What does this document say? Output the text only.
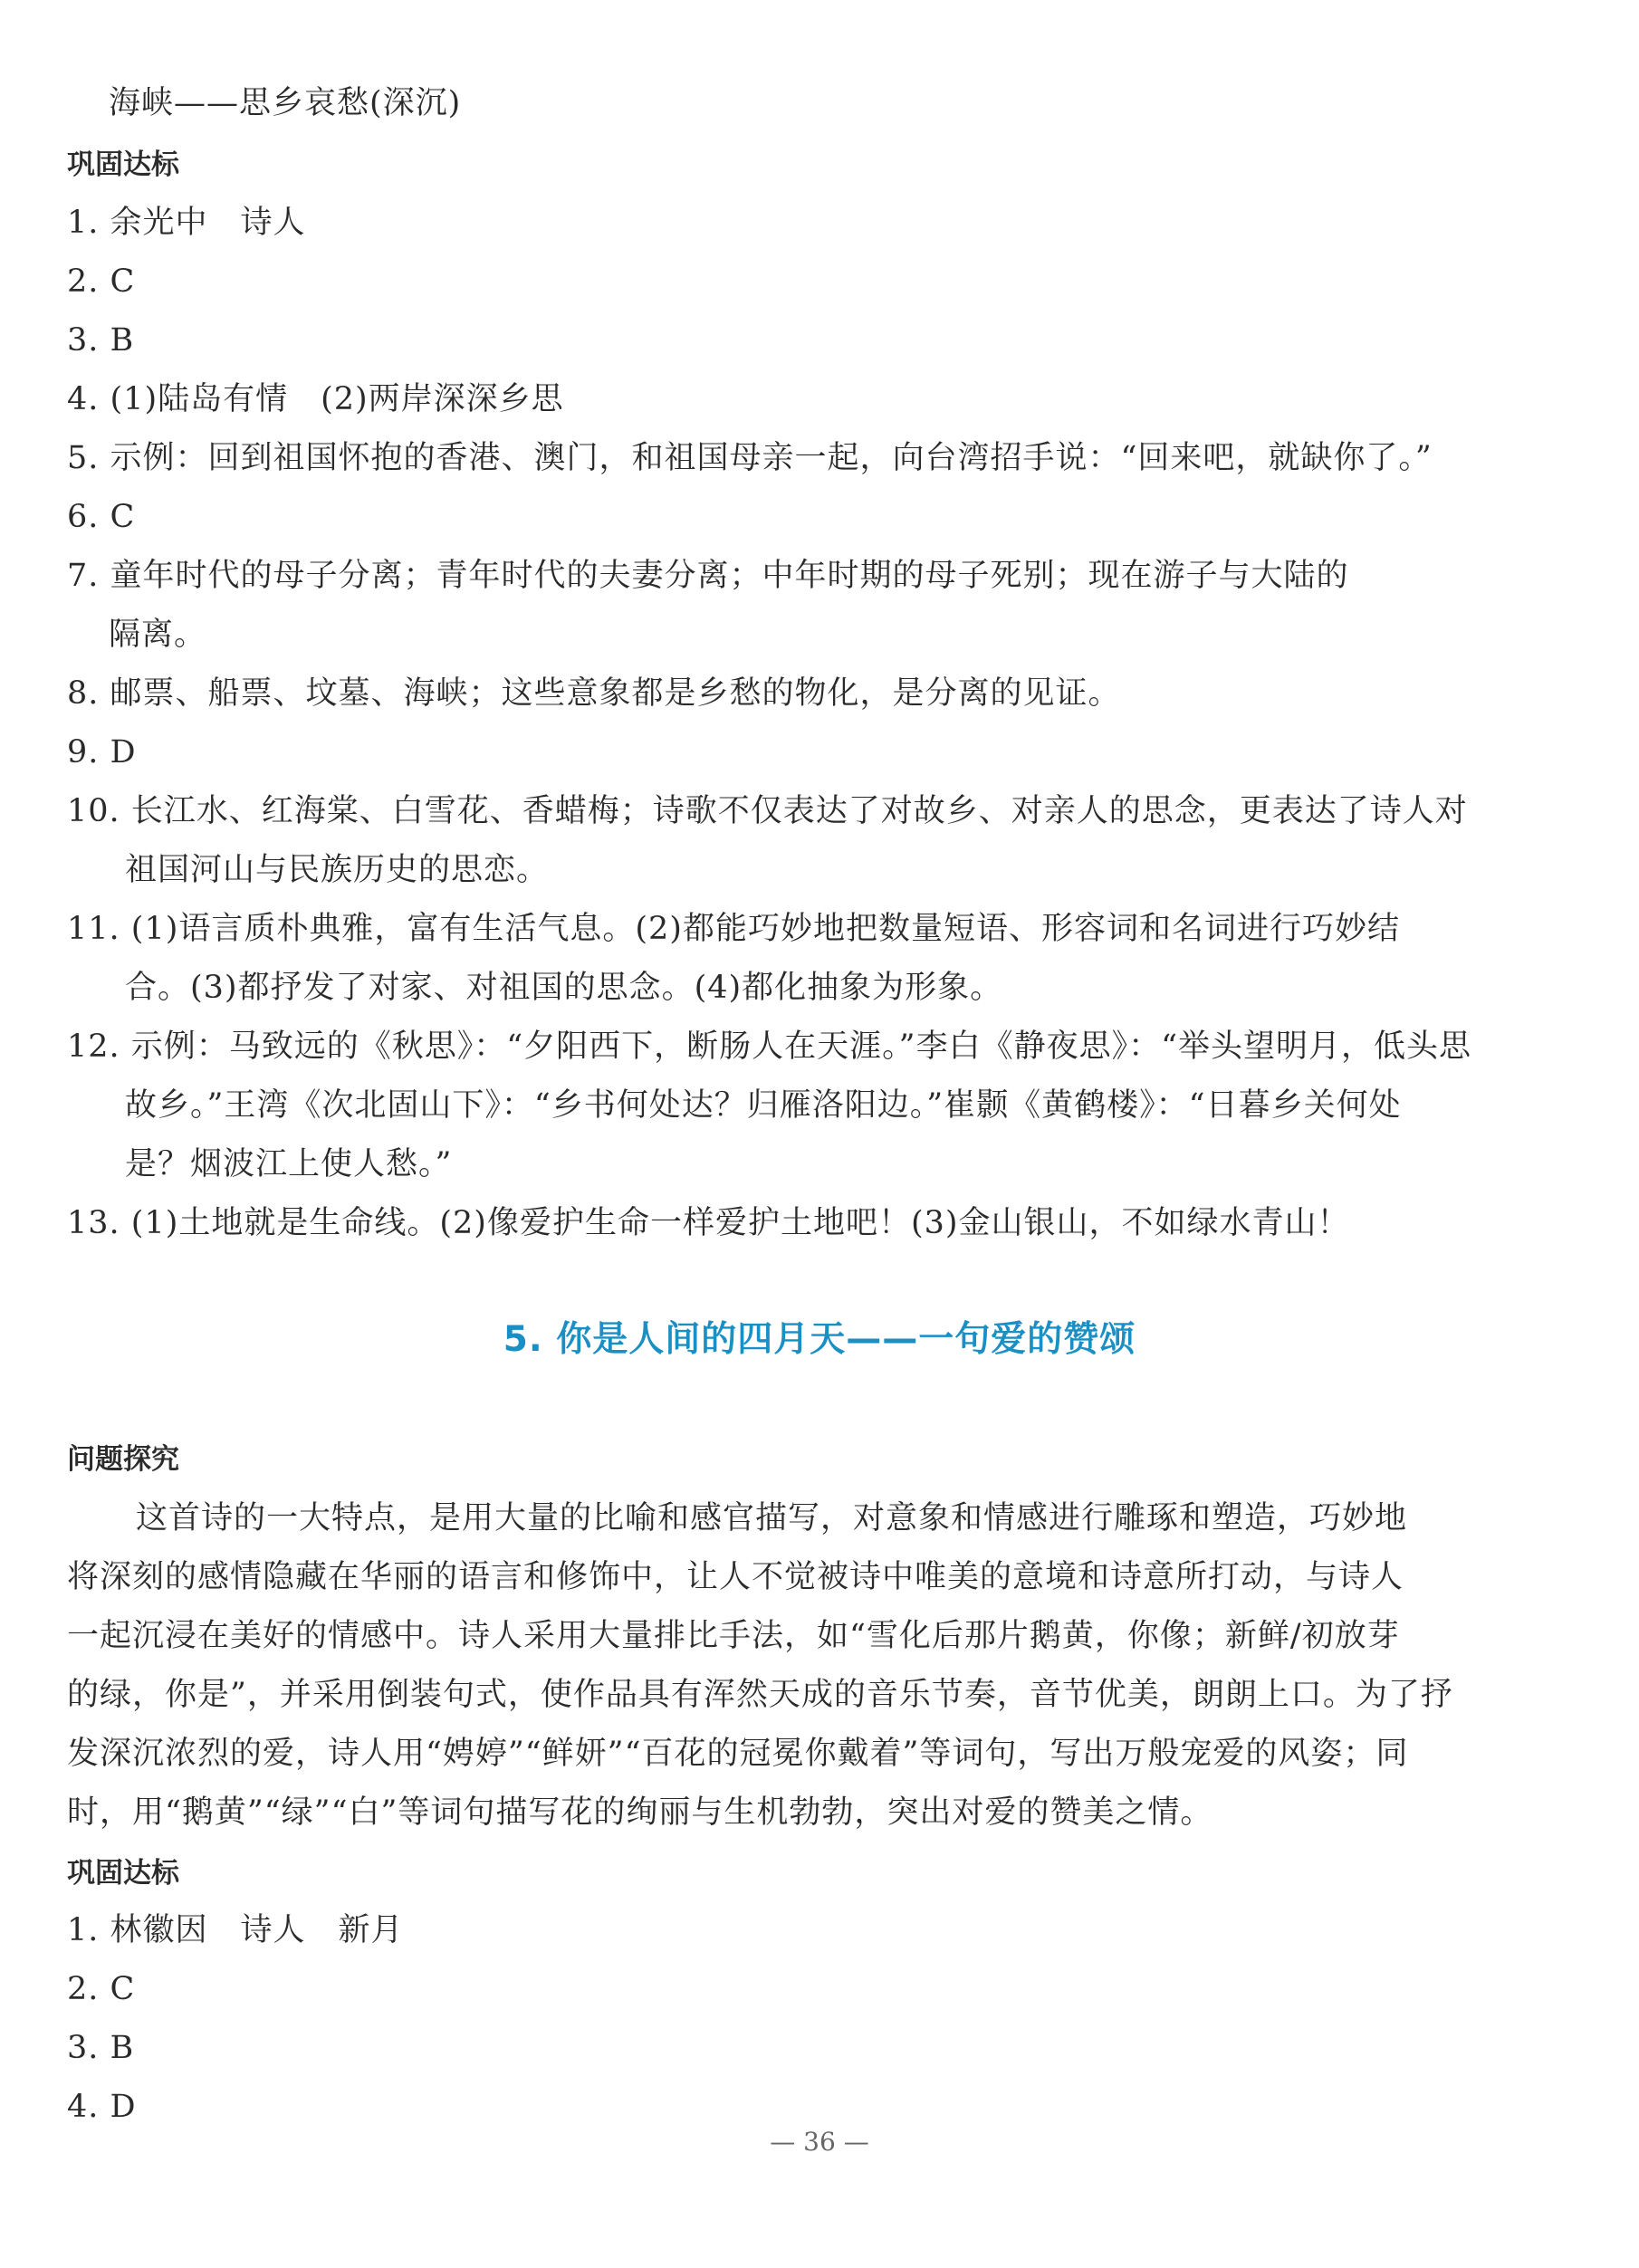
海峡——思乡哀愁(深沉)
巩固达标
1. 余光中　诗人
2. C
3. B
4. (1)陆岛有情　(2)两岸深深乡思
5. 示例：回到祖国怀抱的香港、澳门，和祖国母亲一起，向台湾招手说：“回来吧，就缺你了。”
6. C
7. 童年时代的母子分离；青年时代的夫妻分离；中年时期的母子死别；现在游子与大陆的
隔离。
8. 邮票、船票、坟墓、海峡；这些意象都是乡愁的物化，是分离的见证。
9. D
10. 长江水、红海棠、白雪花、香蜡梅；诗歌不仅表达了对故乡、对亲人的思念，更表达了诗人对
祖国河山与民族历史的思恋。
11. (1)语言质朴典雅，富有生活气息。(2)都能巧妙地把数量短语、形容词和名词进行巧妙结
合。(3)都抒发了对家、对祖国的思念。(4)都化抽象为形象。
12. 示例：马致远的《秋思》：“夕阳西下，断肠人在天涯。”李白《静夜思》：“举头望明月，低头思
故乡。”王湾《次北固山下》：“乡书何处达？归雁洛阳边。”崔颢《黄鹤楼》：“日暮乡关何处
是？烟波江上使人愁。”
13. (1)土地就是生命线。(2)像爱护生命一样爱护土地吧！(3)金山银山，不如绿水青山！
5. 你是人间的四月天——一句爱的赞颂
问题探究
这首诗的一大特点，是用大量的比喻和感官描写，对意象和情感进行雕琢和塑造，巧妙地
将深刻的感情隐藏在华丽的语言和修饰中，让人不觉被诗中唯美的意境和诗意所打动，与诗人
一起沉浸在美好的情感中。诗人采用大量排比手法，如“雪化后那片鹅黄，你像；新鲜/初放芽
的绿，你是”，并采用倒装句式，使作品具有浑然天成的音乐节奏，音节优美，朗朗上口。为了抒
发深沉浓烈的爱，诗人用“娉婷”“鲜妍”“百花的冠冕你戴着”等词句，写出万般宠爱的风姿；同
时，用“鹅黄”“绿”“白”等词句描写花的绚丽与生机勃勃，突出对爱的赞美之情。
巩固达标
1. 林徽因　诗人　新月
2. C
3. B
4. D
— 36 —
